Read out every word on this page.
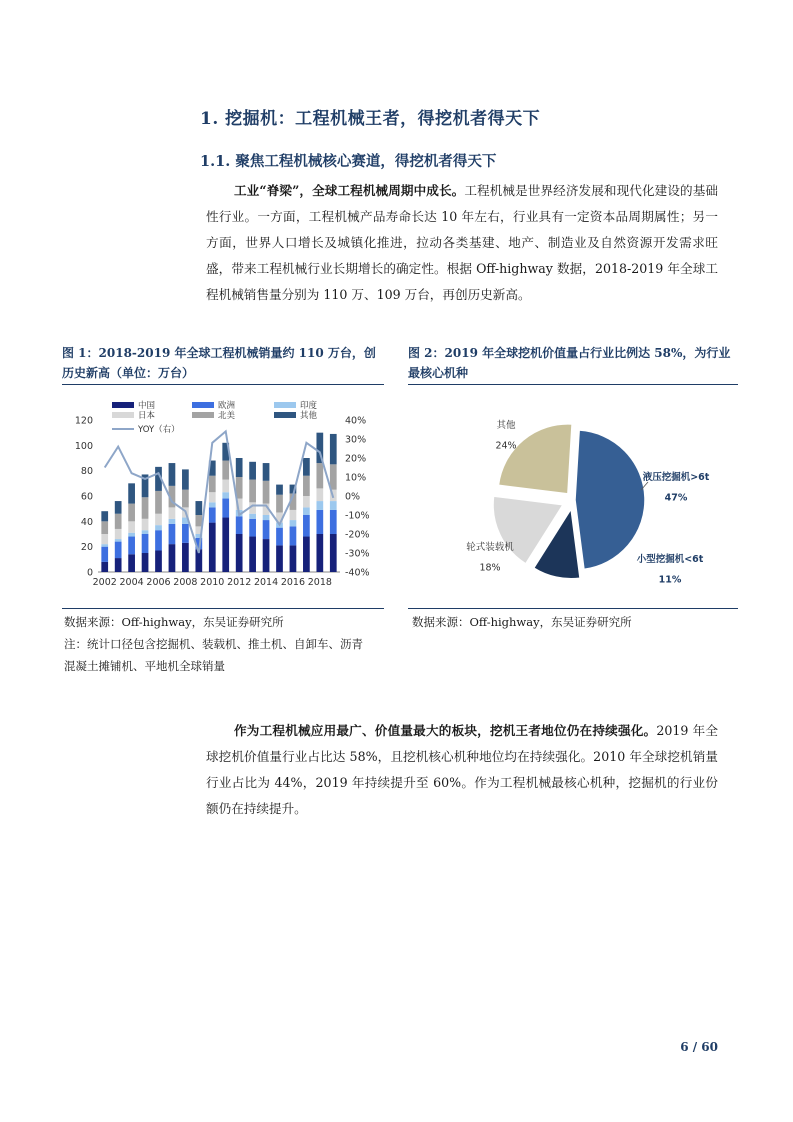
1. 挖掘机：工程机械王者，得挖机者得天下
1.1. 聚焦工程机械核心赛道，得挖机者得天下

工业“脊梁”，全球工程机械周期中成长。工程机械是世界经济发展和现代化建设的基础性行业。一方面，工程机械产品寿命长达 10 年左右，行业具有一定资本品周期属性；另一方面，世界人口增长及城镇化推进，拉动各类基建、地产、制造业及自然资源开发需求旺盛，带来工程机械行业长期增长的确定性。根据 Off-highway 数据，2018-2019 年全球工程机械销售量分别为 110 万、109 万台，再创历史新高。

图 1：2018-2019 年全球工程机械销量约 110 万台，创历史新高（单位：万台）
图 2：2019 年全球挖机价值量占行业比例达 58%，为行业最核心机种
0
20
40
60
80
100
120	40%
30%
20%
10%
0%
-10%
-20%
-30%
-40%
2002 2004 2006 2008 2010 2012 2014 2016 2018
中国	欧洲	印度
日本	北美	其他
YOY（右）
液压挖掘机>6t
47%
小型挖掘机<6t
11%
轮式装载机
18%
其他
24%
数据来源：Off-highway，东吴证券研究所
注：统计口径包含挖掘机、装载机、推土机、自卸车、沥青混凝土摊铺机、平地机全球销量
数据来源：Off-highway，东吴证券研究所

作为工程机械应用最广、价值量最大的板块，挖机王者地位仍在持续强化。2019 年全球挖机价值量行业占比达 58%，且挖机核心机种地位均在持续强化。2010 年全球挖机销量行业占比为 44%，2019 年持续提升至 60%。作为工程机械最核心机种，挖掘机的行业份额仍在持续提升。

6 / 60
